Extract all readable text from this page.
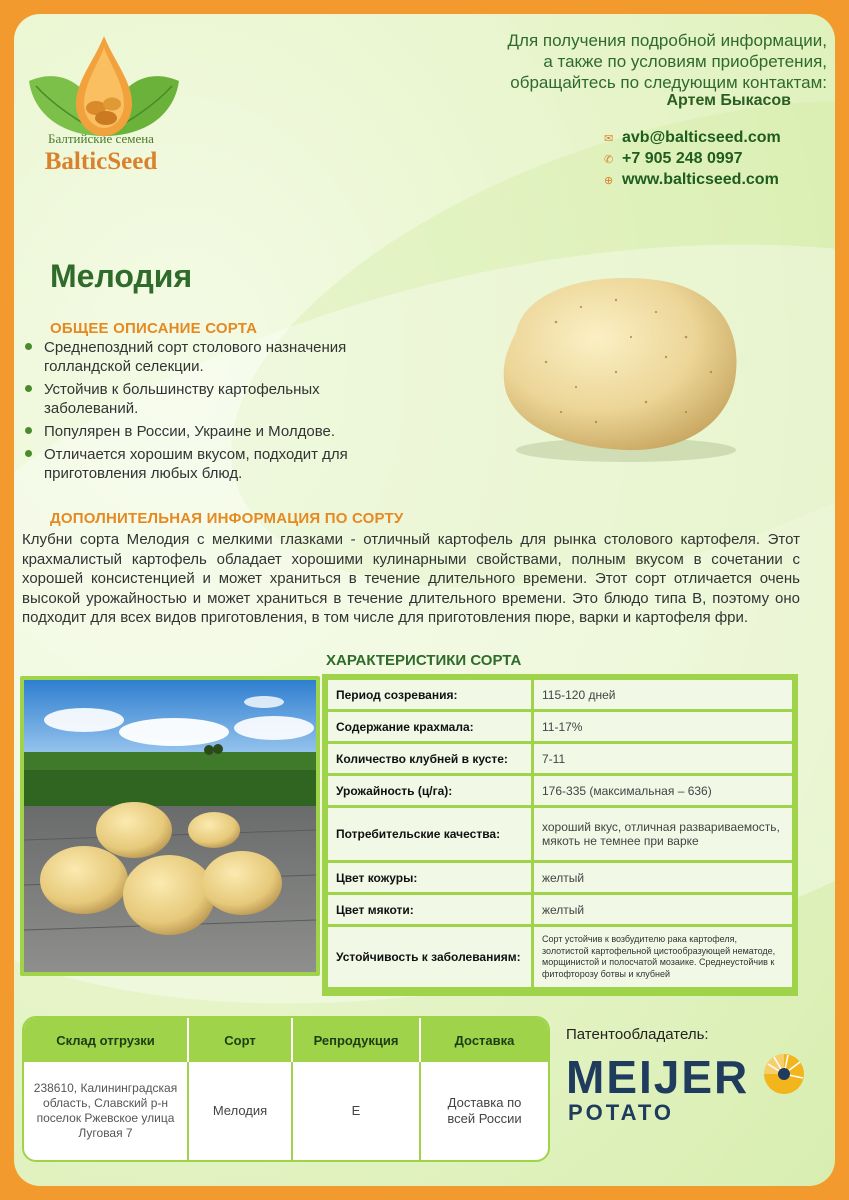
Балтийские семена
BalticSeed
Для получения подробной информации,
а также по условиям приобретения,
обращайтесь по следующим контактам:
Артем Быкасов
✉ avb@balticseed.com
✆ +7 905 248 0997
⊕ www.balticseed.com
Мелодия
ОБЩЕЕ ОПИСАНИЕ СОРТА
Среднепоздний сорт столового назначения голландской селекции.
Устойчив к большинству картофельных заболеваний.
Популярен в России, Украине и Молдове.
Отличается хорошим вкусом, подходит для приготовления любых блюд.
ДОПОЛНИТЕЛЬНАЯ ИНФОРМАЦИЯ ПО СОРТУ
Клубни сорта Мелодия с мелкими глазками - отличный картофель для рынка столового картофеля. Этот крахмалистый картофель обладает хорошими кулинарными свойствами, полным вкусом в сочетании с хорошей консистенцией и может храниться в течение длительного времени. Этот сорт отличается очень высокой урожайностью и может храниться в течение длительного времени. Это блюдо типа B, поэтому оно подходит для всех видов приготовления, в том числе для приготовления пюре, варки и картофеля фри.
ХАРАКТЕРИСТИКИ СОРТА
Период созревания:	115-120 дней
Содержание крахмала:	11-17%
Количество клубней в кусте:	7-11
Урожайность (ц/га):	176-335 (максимальная – 636)
Потребительские качества:	хороший вкус, отличная развариваемость, мякоть не темнее при варке
Цвет кожуры:	желтый
Цвет мякоти:	желтый
Устойчивость к заболеваниям:	Сорт устойчив к возбудителю рака картофеля, золотистой картофельной цистообразующей нематоде, морщинистой и полосчатой мозаике. Среднеустойчив к фитофторозу ботвы и клубней
Склад отгрузки	Сорт	Репродукция	Доставка
238610, Калининградская область, Славский р-н поселок Ржевское улица Луговая 7	Мелодия	E	Доставка по всей России
Патентообладатель:
MEIJER
POTATO
